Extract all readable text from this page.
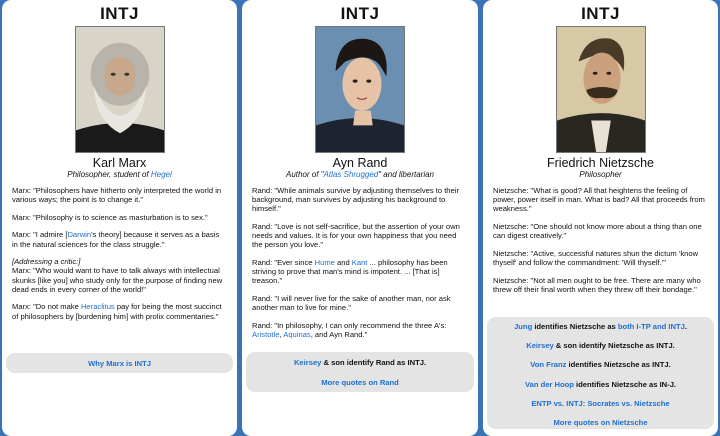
INTJ
Karl Marx
Philosopher, student of Hegel
Marx: "Philosophers have hitherto only interpreted the world in various ways; the point is to change it."
Marx: "Philosophy is to science as masturbation is to sex."
Marx: "I admire [Darwin's theory] because it serves as a basis in the natural sciences for the class struggle."
[Addressing a critic:]
Marx: "Who would want to have to talk always with intellectual skunks [like you] who study only for the purpose of finding new dead ends in every corner of the world!"
Marx: "Do not make Heraclitus pay for being the most succinct of philosophers by [burdening him] with prolix commentaries."
Why Marx is INTJ
INTJ
Ayn Rand
Author of "Atlas Shrugged" and libertarian
Rand: "While animals survive by adjusting themselves to their background, man survives by adjusting his background to himself."
Rand: "Love is not self-sacrifice, but the assertion of your own needs and values. It is for your own happiness that you need the person you love."
Rand: "Ever since Hume and Kant ... philosophy has been striving to prove that man's mind is impotent. ... [That is] treason."
Rand: "I will never live for the sake of another man, nor ask another man to live for mine."
Rand: "In philosophy, I can only recommend the three A's: Aristotle, Aquinas, and Ayn Rand."
Keirsey & son identify Rand as INTJ.
More quotes on Rand
INTJ
Friedrich Nietzsche
Philosopher
Nietzsche: "What is good? All that heightens the feeling of power, power itself in man. What is bad? All that proceeds from weakness."
Nietzsche: "One should not know more about a thing than one can digest creatively."
Nietzsche: "Active, successful natures shun the dictum 'know thyself' and follow the commandment: 'Will thyself.'"
Nietzsche: "Not all men ought to be free. There are many who threw off their final worth when they threw off their bondage."
Jung identifies Nietzsche as both I-TP and INTJ.
Keirsey & son identify Nietzsche as INTJ.
Von Franz identifies Nietzsche as INTJ.
Van der Hoop identifies Nietzsche as IN-J.
ENTP vs. INTJ: Socrates vs. Nietzsche
More quotes on Nietzsche
